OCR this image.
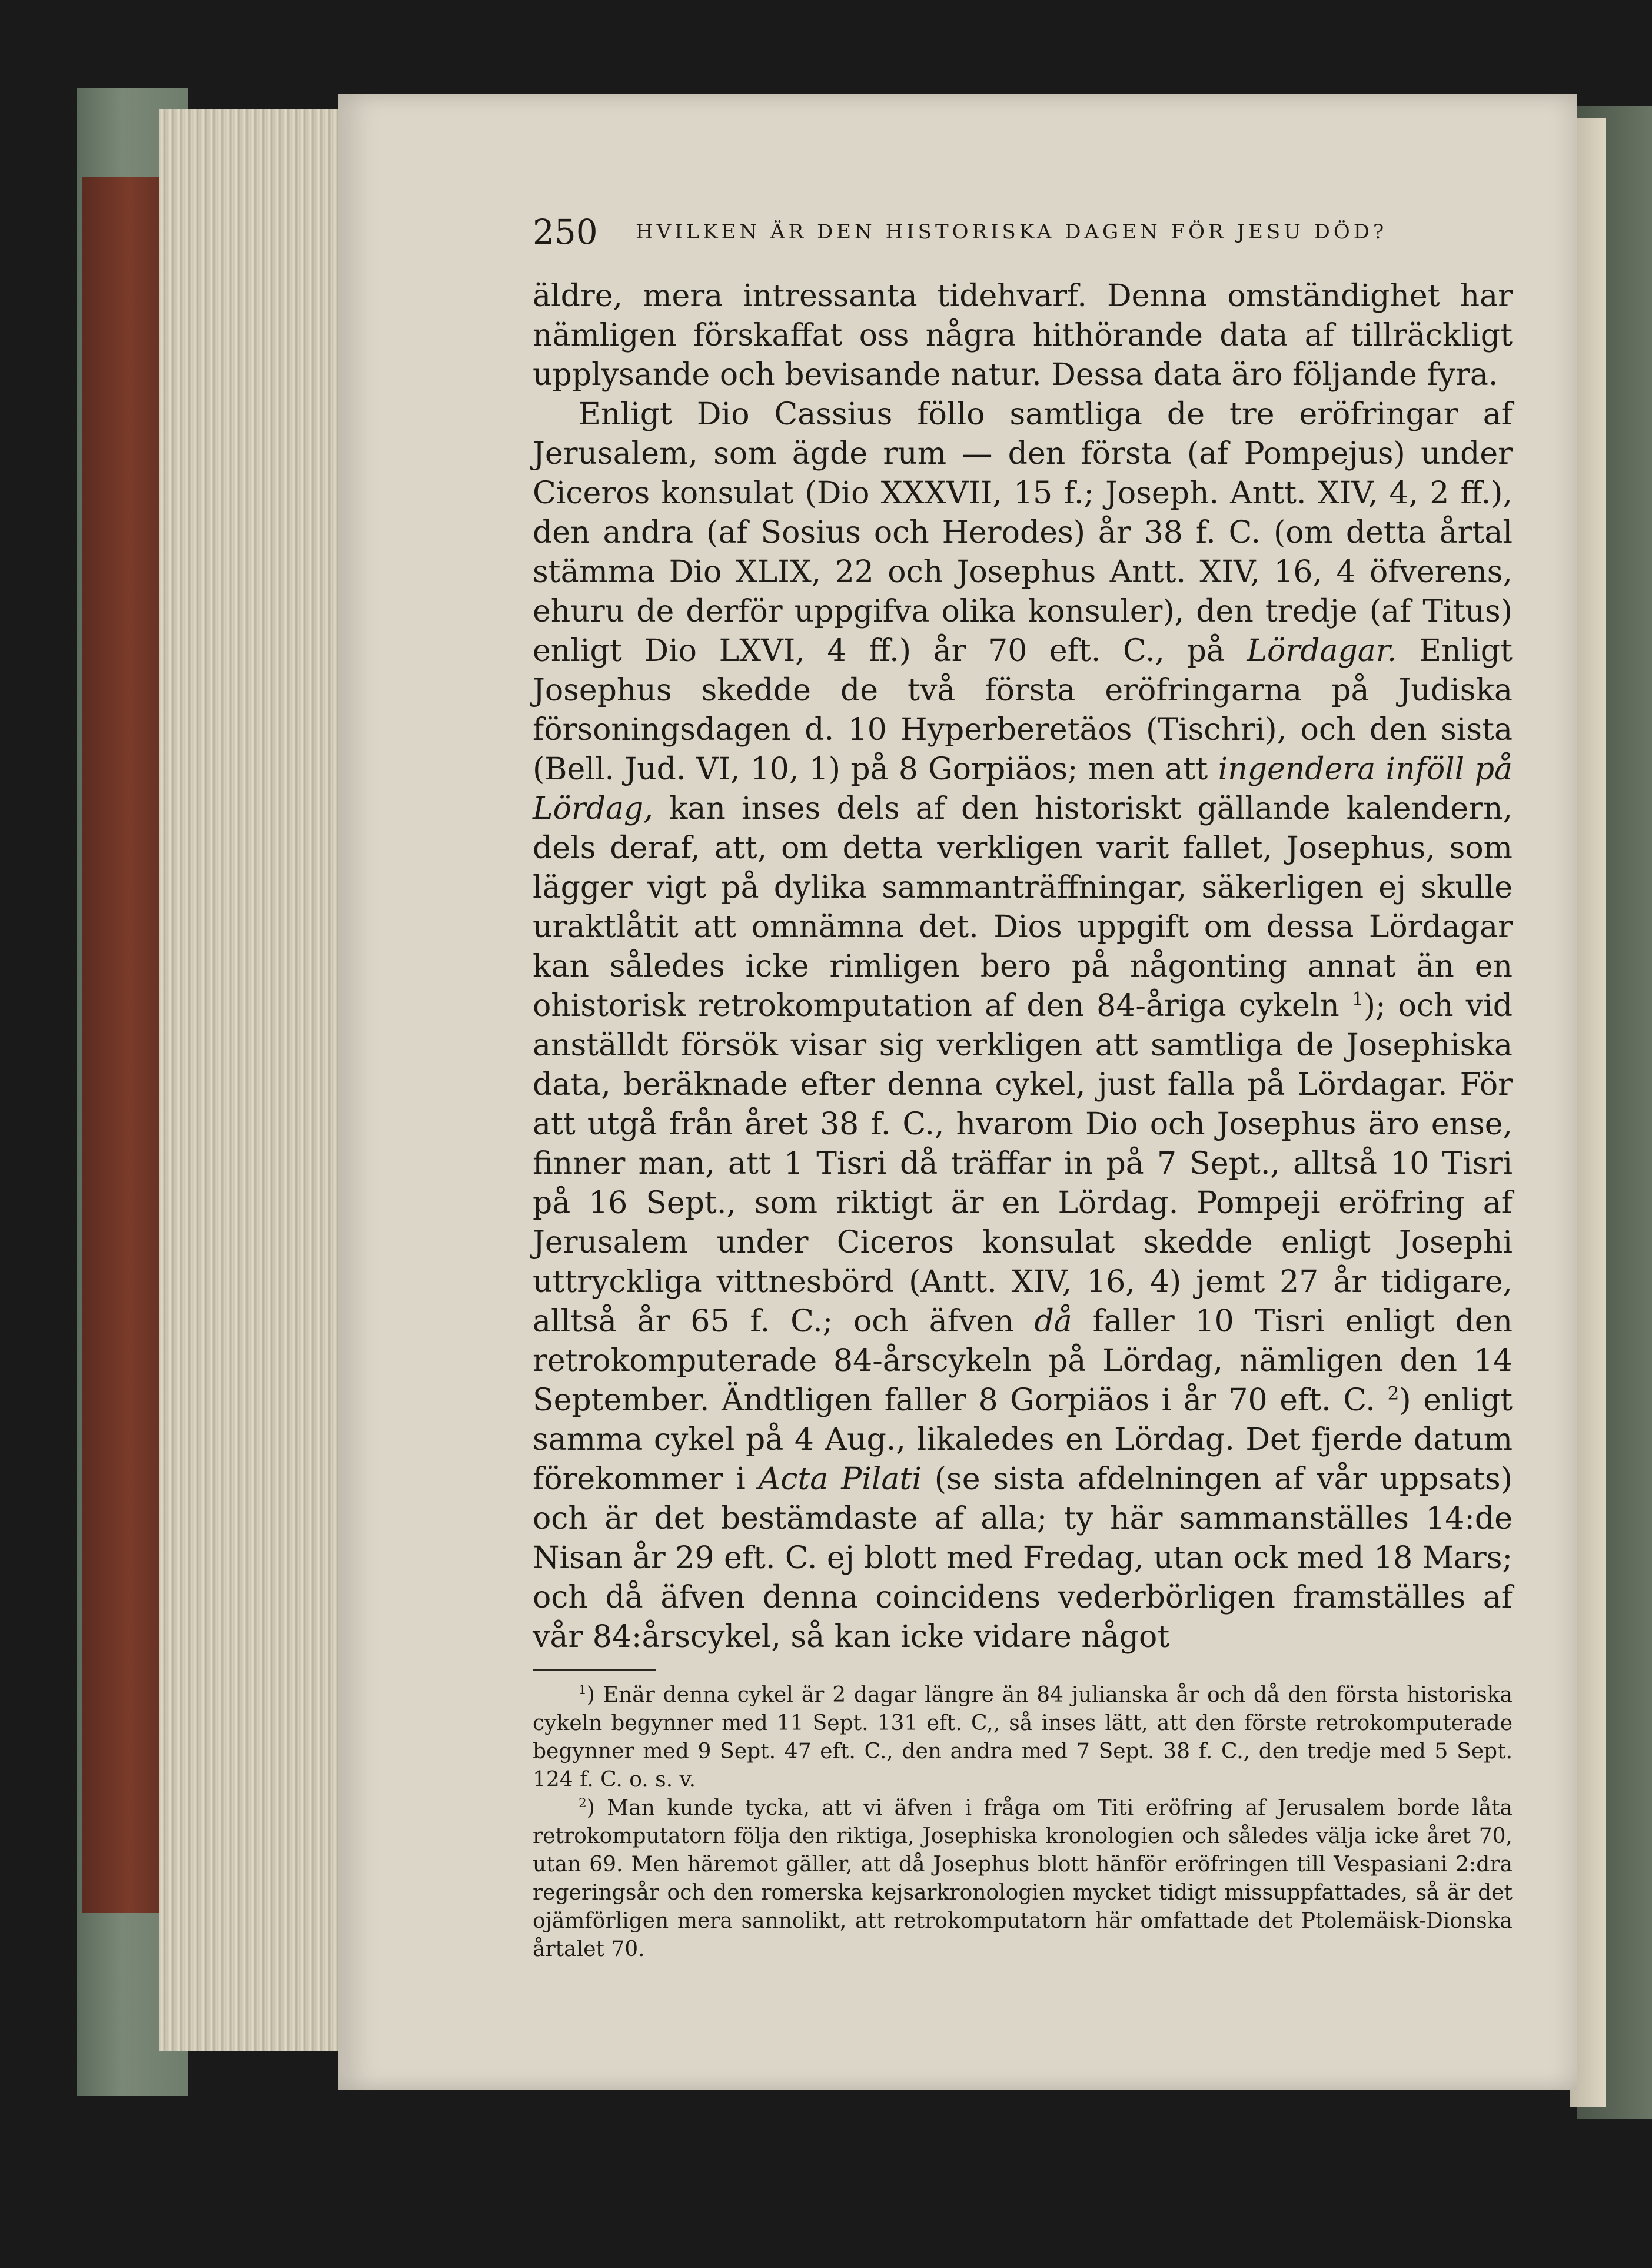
250 HVILKEN ÄR DEN HISTORISKA DAGEN FÖR JESU DÖD?

äldre, mera intressanta tidehvarf. Denna omständighet har nämligen förskaffat oss några hithörande data af tillräckligt upplysande och bevisande natur. Dessa data äro följande fyra.

Enligt Dio Cassius föllo samtliga de tre eröfringar af Jerusalem, som ägde rum — den första (af Pompejus) under Ciceros konsulat (Dio XXXVII, 15 f.; Joseph. Antt. XIV, 4, 2 ff.), den andra (af Sosius och Herodes) år 38 f. C. (om detta årtal stämma Dio XLIX, 22 och Josephus Antt. XIV, 16, 4 öfverens, ehuru de derför uppgifva olika konsuler), den tredje (af Titus) enligt Dio LXVI, 4 ff.) år 70 eft. C., på Lördagar. Enligt Josephus skedde de två första eröfringarna på Judiska försoningsdagen d. 10 Hyperberetäos (Tischri), och den sista (Bell. Jud. VI, 10, 1) på 8 Gorpiäos; men att ingendera inföll på Lördag, kan inses dels af den historiskt gällande kalendern, dels deraf, att, om detta verkligen varit fallet, Josephus, som lägger vigt på dylika sammanträffningar, säkerligen ej skulle uraktlåtit att omnämna det. Dios uppgift om dessa Lördagar kan således icke rimligen bero på någonting annat än en ohistorisk retrokomputation af den 84-åriga cykeln $^1$); och vid anställdt försök visar sig verkligen att samtliga de Josephiska data, beräknade efter denna cykel, just falla på Lördagar. För att utgå från året 38 f. C., hvarom Dio och Josephus äro ense, finner man, att 1 Tisri då träffar in på 7 Sept., alltså 10 Tisri på 16 Sept., som riktigt är en Lördag. Pompeji eröfring af Jerusalem under Ciceros konsulat skedde enligt Josephi uttryckliga vittnesbörd (Antt. XIV, 16, 4) jemt 27 år tidigare, alltså år 65 f. C.; och äfven då faller 10 Tisri enligt den retrokomputerade 84-årscykeln på Lördag, nämligen den 14 September. Ändtligen faller 8 Gorpiäos i år 70 eft. C. $^2$) enligt samma cykel på 4 Aug., likaledes en Lördag. Det fjerde datum förekommer i Acta Pilati (se sista afdelningen af vår uppsats) och är det bestämdaste af alla; ty här sammanställes 14:de Nisan år 29 eft. C. ej blott med Fredag, utan ock med 18 Mars; och då äfven denna coincidens vederbörligen framställes af vår 84:årscykel, så kan icke vidare något

$^1$) Enär denna cykel är 2 dagar längre än 84 julianska år och då den första historiska cykeln begynner med 11 Sept. 131 eft. C,, så inses lätt, att den förste retrokomputerade begynner med 9 Sept. 47 eft. C., den andra med 7 Sept. 38 f. C., den tredje med 5 Sept. 124 f. C. o. s. v.

$^2$) Man kunde tycka, att vi äfven i fråga om Titi eröfring af Jerusalem borde låta retrokomputatorn följa den riktiga, Josephiska kronologien och således välja icke året 70, utan 69. Men häremot gäller, att då Josephus blott hänför eröfringen till Vespasiani 2:dra regeringsår och den romerska kejsarkronologien mycket tidigt missuppfattades, så är det ojämförligen mera sannolikt, att retrokomputatorn här omfattade det Ptolemäisk-Dionska årtalet 70.
